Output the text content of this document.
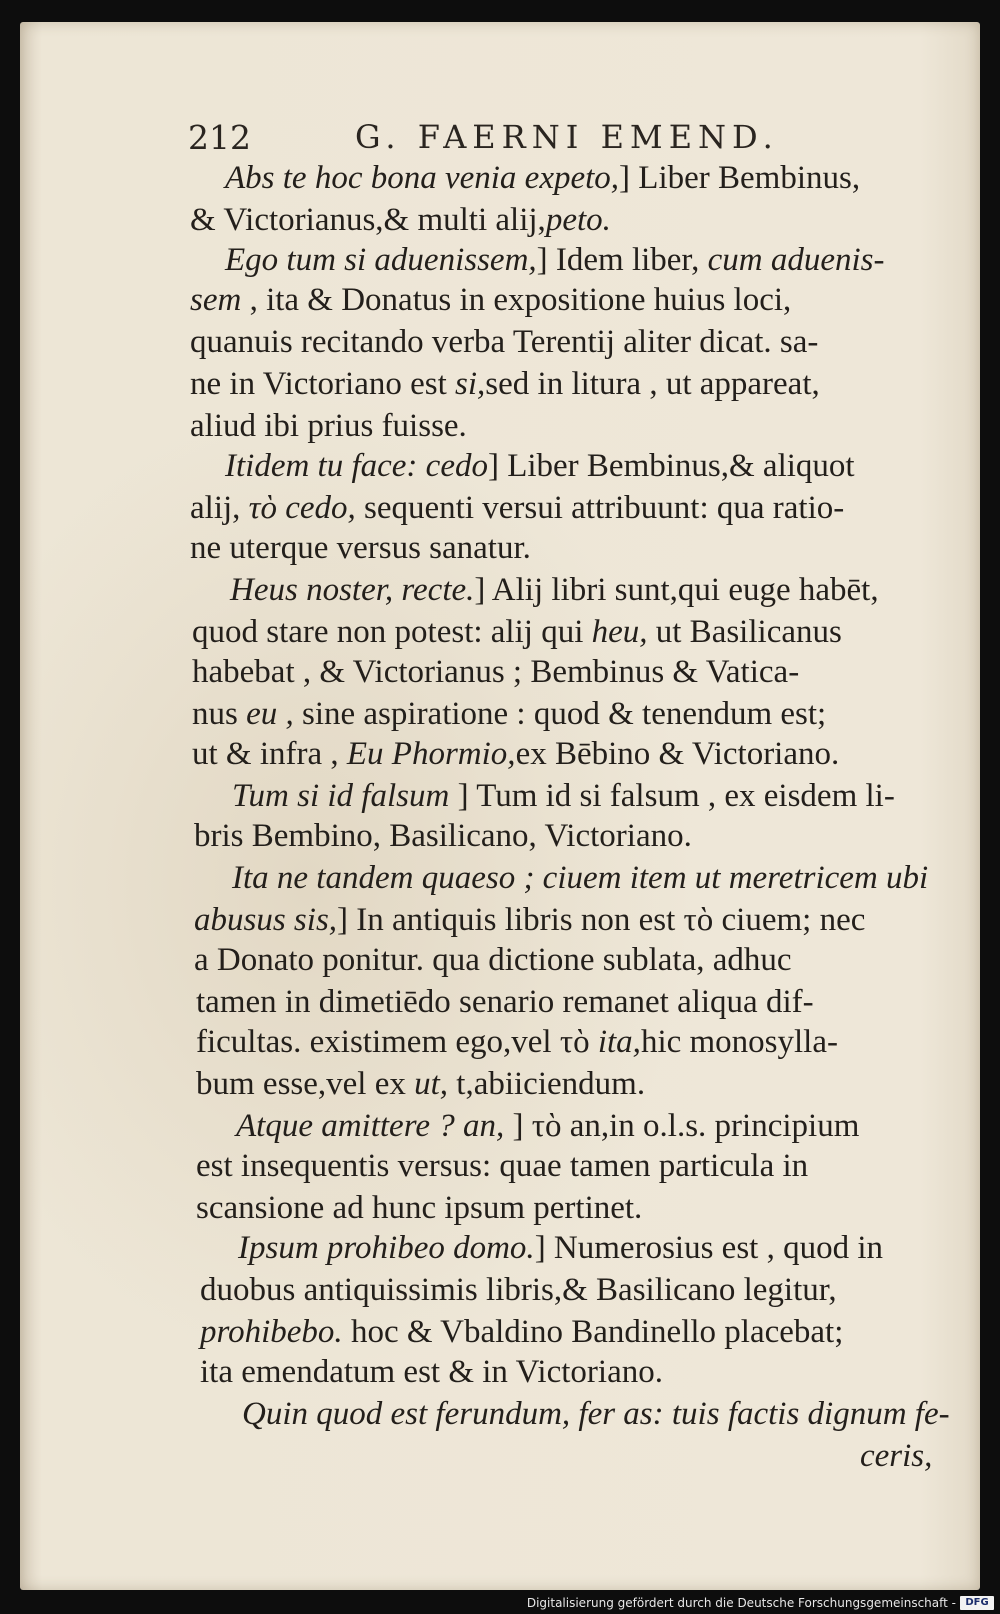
212	G. FAERNI EMEND.
Abs te hoc bona venia expeto,] Liber Bembinus,
& Victorianus,& multi alij,peto.
Ego tum si aduenissem,] Idem liber, cum aduenis-
sem , ita & Donatus in expositione huius loci,
quanuis recitando verba Terentij aliter dicat. sa-
ne in Victoriano est si,sed in litura , ut appareat,
aliud ibi prius fuisse.
Itidem tu face: cedo] Liber Bembinus,& aliquot
alij, τὸ cedo, sequenti versui attribuunt: qua ratio-
ne uterque versus sanatur.
Heus noster, recte.] Alij libri sunt,qui euge habēt,
quod stare non potest: alij qui heu, ut Basilicanus
habebat , & Victorianus ; Bembinus & Vatica-
nus eu , sine aspiratione : quod & tenendum est;
ut & infra , Eu Phormio,ex Bēbino & Victoriano.
Tum si id falsum ] Tum id si falsum , ex eisdem li-
bris Bembino, Basilicano, Victoriano.
Ita ne tandem quaeso ; ciuem item ut meretricem ubi
abusus sis,] In antiquis libris non est τὸ ciuem; nec
a Donato ponitur. qua dictione sublata, adhuc
tamen in dimetiēdo senario remanet aliqua dif-
ficultas. existimem ego,vel τὸ ita,hic monosylla-
bum esse,vel ex ut, t,abiiciendum.
Atque amittere ? an, ] τὸ an,in o.l.s. principium
est insequentis versus: quae tamen particula in
scansione ad hunc ipsum pertinet.
Ipsum prohibeo domo.] Numerosius est , quod in
duobus antiquissimis libris,& Basilicano legitur,
prohibebo. hoc & Vbaldino Bandinello placebat;
ita emendatum est & in Victoriano.
Quin quod est ferundum, fer as: tuis factis dignum fe-
ceris,
Digitalisierung gefördert durch die Deutsche Forschungsgemeinschaft - DFG
